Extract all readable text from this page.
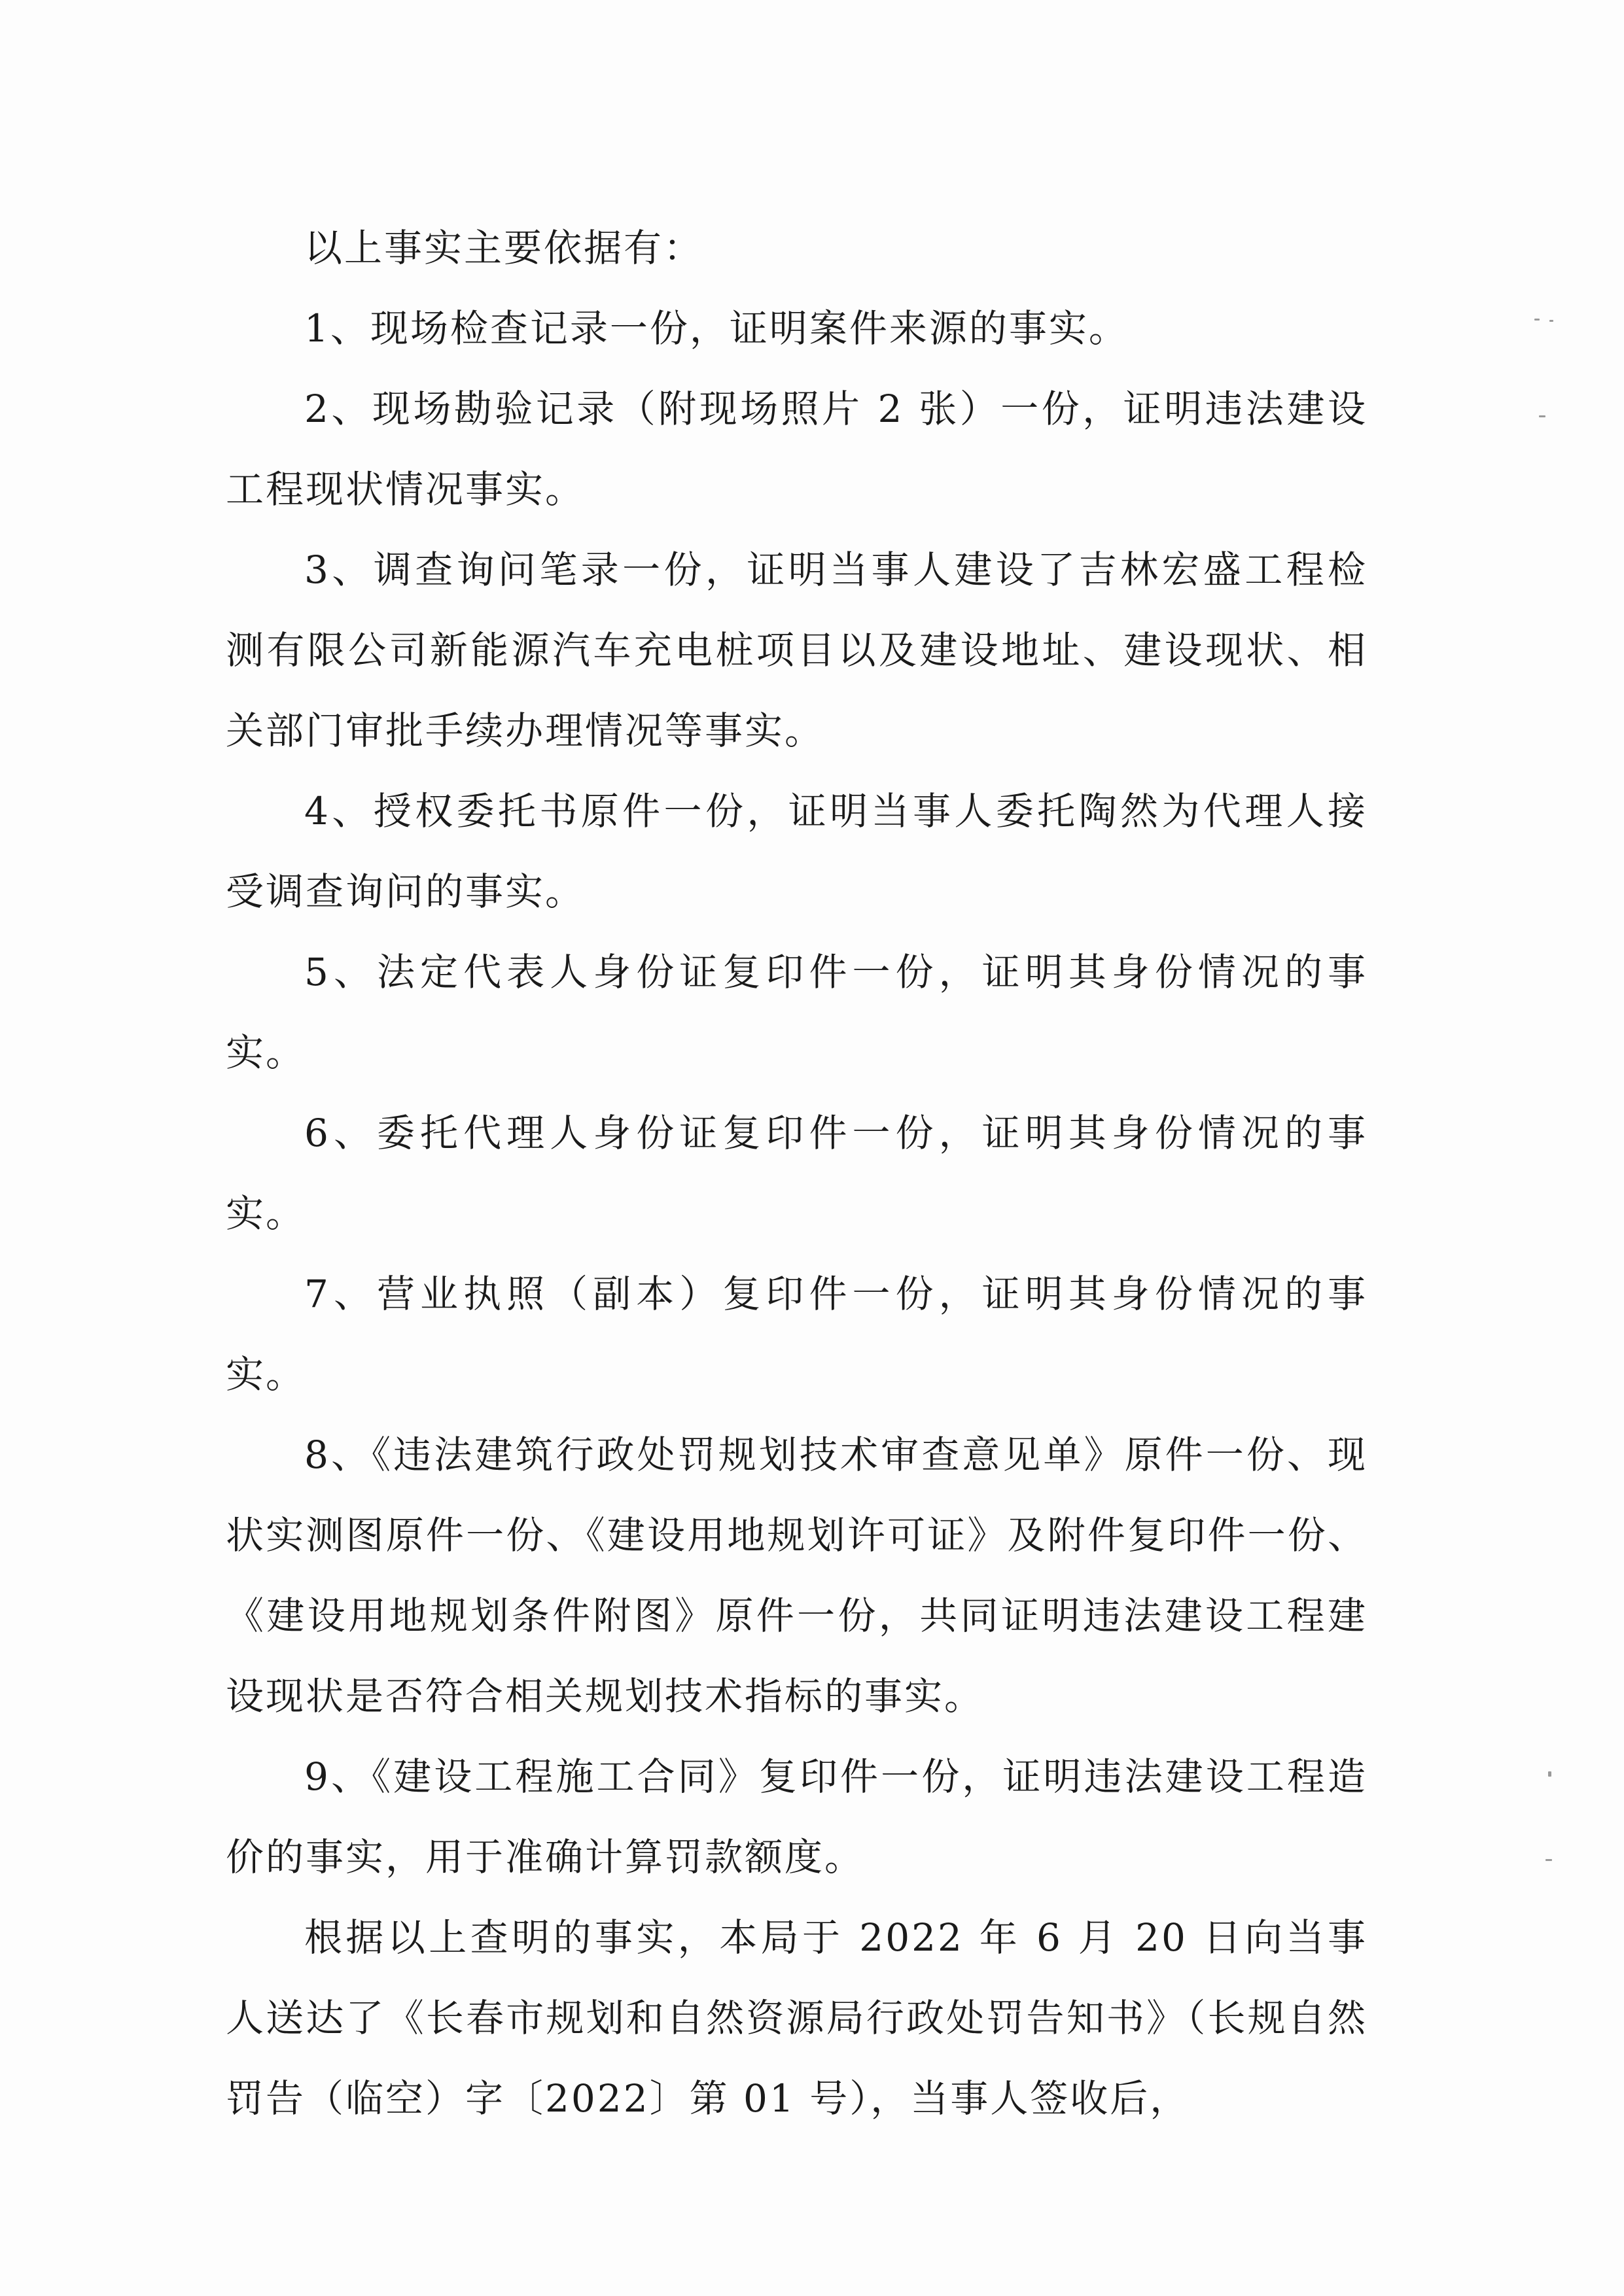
以上事实主要依据有：

1、现场检查记录一份，证明案件来源的事实。

2、现场勘验记录（附现场照片 2 张）一份，证明违法建设工程现状情况事实。

3、调查询问笔录一份，证明当事人建设了吉林宏盛工程检测有限公司新能源汽车充电桩项目以及建设地址、建设现状、相关部门审批手续办理情况等事实。

4、授权委托书原件一份，证明当事人委托陶然为代理人接受调查询问的事实。

5、法定代表人身份证复印件一份，证明其身份情况的事实。

6、委托代理人身份证复印件一份，证明其身份情况的事实。

7、营业执照（副本）复印件一份，证明其身份情况的事实。

8、《违法建筑行政处罚规划技术审查意见单》原件一份、现状实测图原件一份、《建设用地规划许可证》及附件复印件一份、《建设用地规划条件附图》原件一份，共同证明违法建设工程建设现状是否符合相关规划技术指标的事实。

9、《建设工程施工合同》复印件一份，证明违法建设工程造价的事实，用于准确计算罚款额度。

根据以上查明的事实，本局于 2022 年 6 月 20 日向当事人送达了《长春市规划和自然资源局行政处罚告知书》（长规自然罚告（临空）字〔2022〕第 01 号），当事人签收后，
